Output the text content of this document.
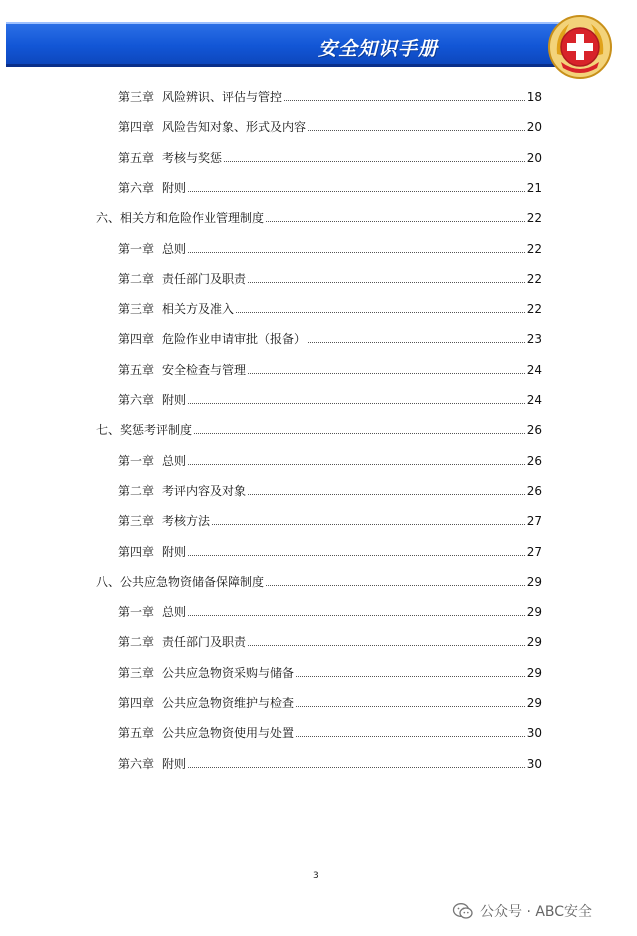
安全知识手册
第三章 风险辨识、评估与管控	18
第四章 风险告知对象、形式及内容	20
第五章 考核与奖惩	20
第六章 附则	21
六、相关方和危险作业管理制度	22
第一章 总则	22
第二章 责任部门及职责	22
第三章 相关方及准入	22
第四章 危险作业申请审批（报备）	23
第五章 安全检查与管理	24
第六章 附则	24
七、奖惩考评制度	26
第一章 总则	26
第二章 考评内容及对象	26
第三章 考核方法	27
第四章 附则	27
八、公共应急物资储备保障制度	29
第一章 总则	29
第二章 责任部门及职责	29
第三章 公共应急物资采购与储备	29
第四章 公共应急物资维护与检查	29
第五章 公共应急物资使用与处置	30
第六章 附则	30
3
公众号 · ABC安全
